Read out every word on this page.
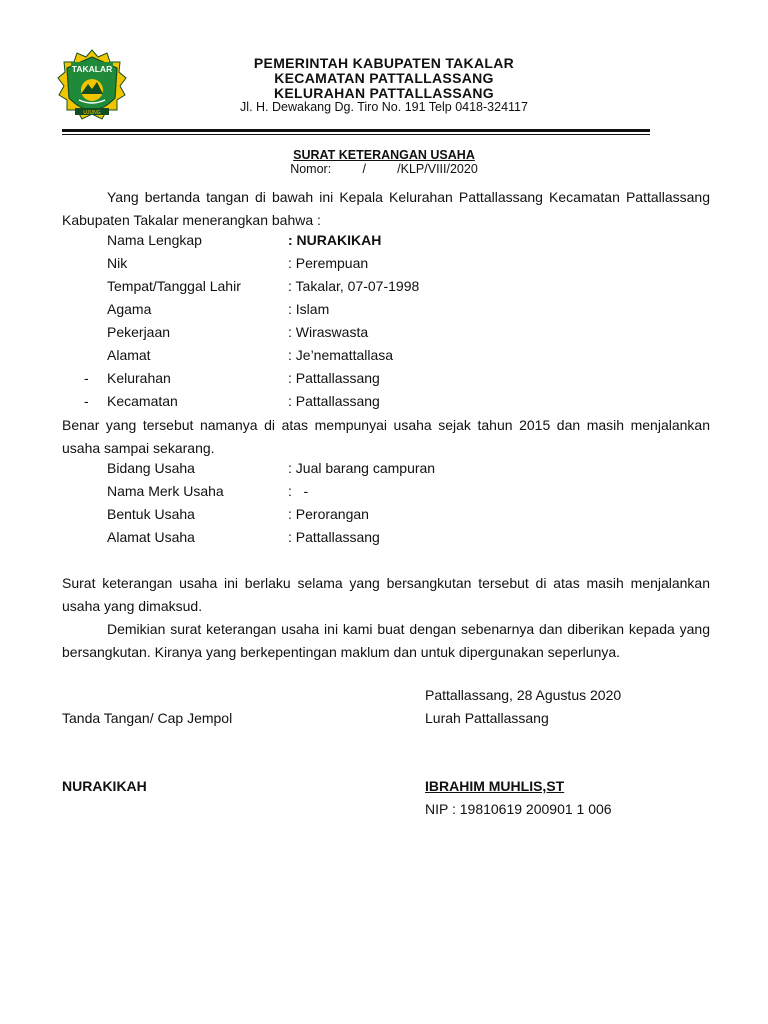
TAKALAR
UJUNG
PEMERINTAH KABUPATEN TAKALAR
KECAMATAN PATTALLASSANG
KELURAHAN PATTALLASSANG
Jl. H. Dewakang Dg. Tiro No. 191 Telp 0418-324117
SURAT KETERANGAN USAHA
Nomor:         /         /KLP/VIII/2020
Yang bertanda tangan di bawah ini Kepala Kelurahan Pattallassang Kecamatan Pattallassang Kabupaten Takalar menerangkan bahwa :
Nama Lengkap	: NURAKIKAH
Nik	: Perempuan
Tempat/Tanggal Lahir	: Takalar, 07-07-1998
Agama	: Islam
Pekerjaan	: Wiraswasta
Alamat	: Je’nemattallasa
- Kelurahan	: Pattallassang
- Kecamatan	: Pattallassang
Benar yang tersebut namanya di atas mempunyai usaha sejak tahun 2015 dan masih menjalankan usaha sampai sekarang.
Bidang Usaha	: Jual barang campuran
Nama Merk Usaha	:   -
Bentuk Usaha	: Perorangan
Alamat Usaha	: Pattallassang
Surat keterangan usaha ini berlaku selama yang bersangkutan tersebut di atas masih menjalankan usaha yang dimaksud.
Demikian surat keterangan usaha ini kami buat dengan sebenarnya dan diberikan kepada yang bersangkutan. Kiranya yang berkepentingan maklum dan untuk dipergunakan seperlunya.
Pattallassang, 28 Agustus 2020
Tanda Tangan/ Cap Jempol	Lurah Pattallassang
NURAKIKAH	IBRAHIM MUHLIS,ST
NIP : 19810619 200901 1 006
